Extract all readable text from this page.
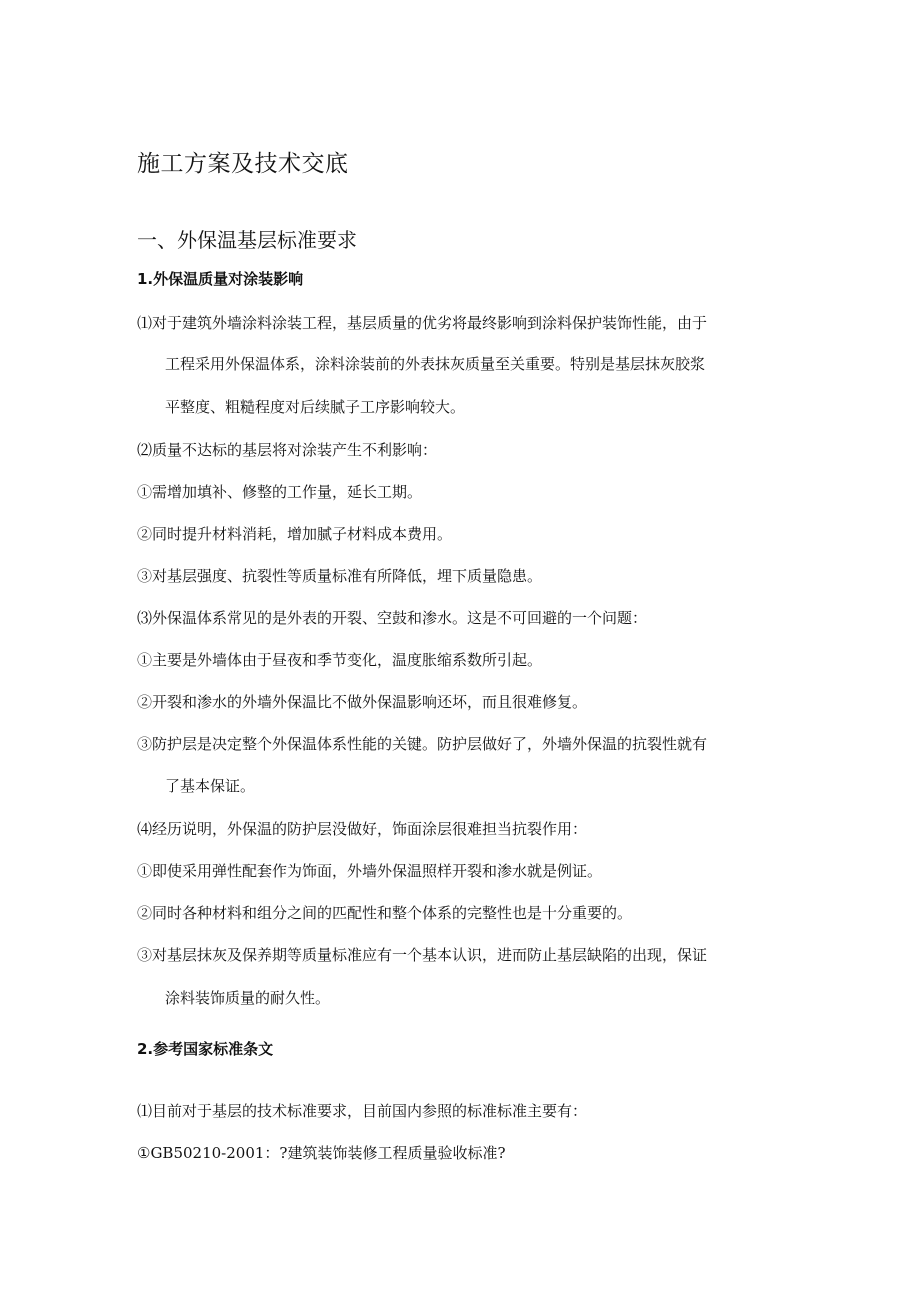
施工方案及技术交底
一、外保温基层标准要求
1.外保温质量对涂装影响

⑴对于建筑外墙涂料涂装工程，基层质量的优劣将最终影响到涂料保护装饰性能，由于

工程采用外保温体系，涂料涂装前的外表抹灰质量至关重要。特别是基层抹灰胶浆

平整度、粗糙程度对后续腻子工序影响较大。

⑵质量不达标的基层将对涂装产生不利影响：

①需增加填补、修整的工作量，延长工期。

②同时提升材料消耗，增加腻子材料成本费用。

③对基层强度、抗裂性等质量标准有所降低，埋下质量隐患。

⑶外保温体系常见的是外表的开裂、空鼓和渗水。这是不可回避的一个问题：

①主要是外墙体由于昼夜和季节变化，温度胀缩系数所引起。

②开裂和渗水的外墙外保温比不做外保温影响还坏，而且很难修复。

③防护层是决定整个外保温体系性能的关键。防护层做好了，外墙外保温的抗裂性就有

了基本保证。

⑷经历说明，外保温的防护层没做好，饰面涂层很难担当抗裂作用：

①即使采用弹性配套作为饰面，外墙外保温照样开裂和渗水就是例证。

②同时各种材料和组分之间的匹配性和整个体系的完整性也是十分重要的。

③对基层抹灰及保养期等质量标准应有一个基本认识，进而防止基层缺陷的出现，保证

涂料装饰质量的耐久性。

2.参考国家标准条文

⑴目前对于基层的技术标准要求，目前国内参照的标准标准主要有：

①GB50210-2001：?建筑装饰装修工程质量验收标准?
